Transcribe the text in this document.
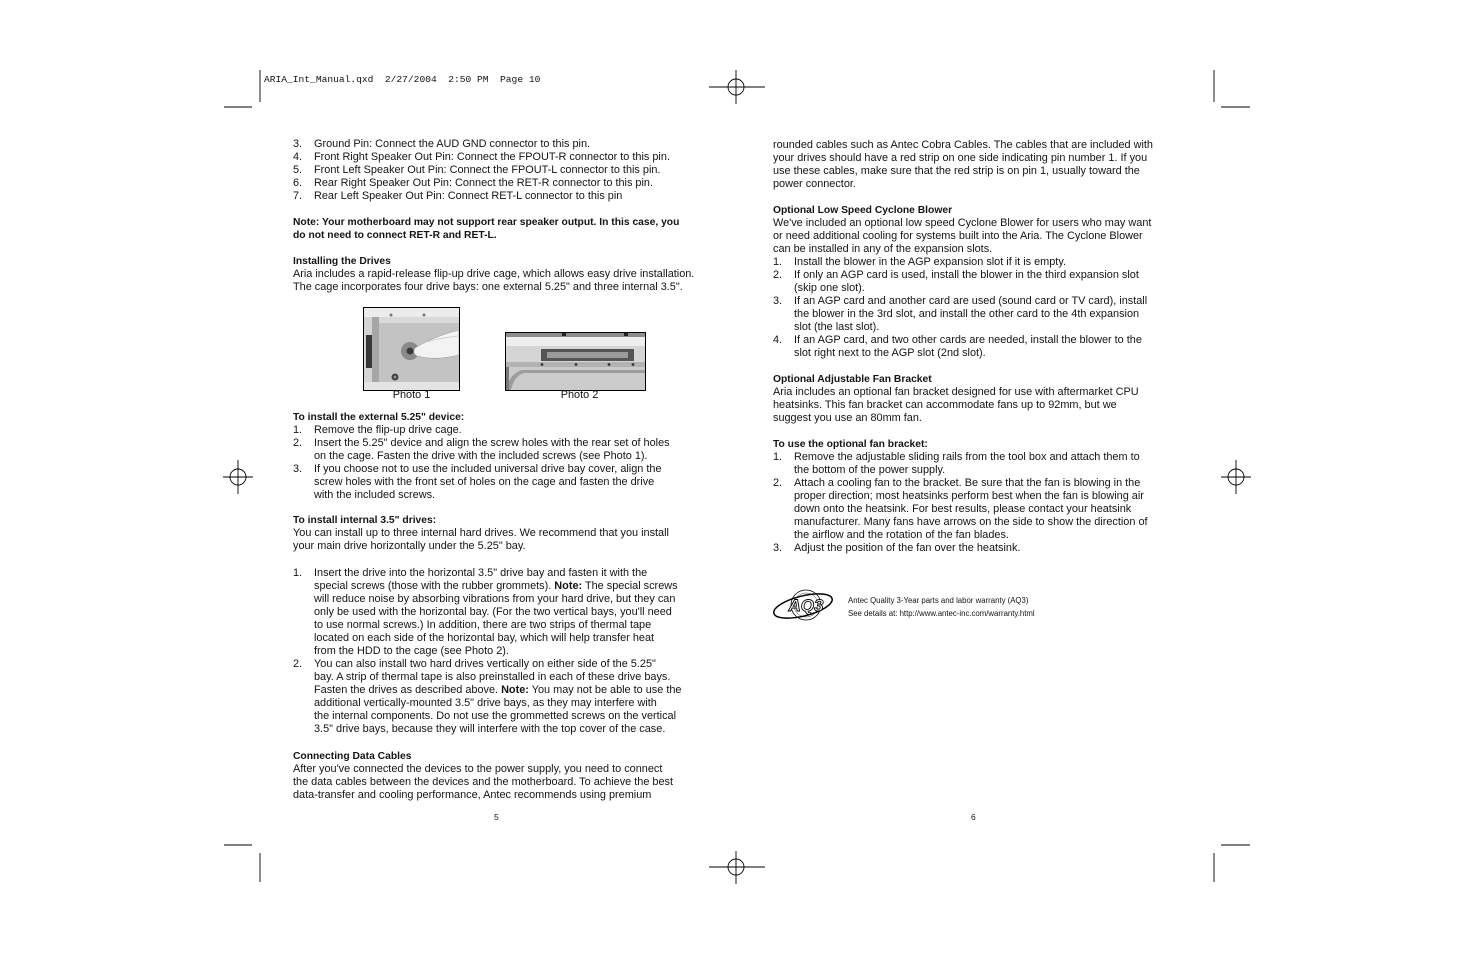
ARIA_Int_Manual.qxd  2/27/2004  2:50 PM  Page 10
3. Ground Pin: Connect the AUD GND connector to this pin.
4. Front Right Speaker Out Pin: Connect the FPOUT-R connector to this pin.
5. Front Left Speaker Out Pin: Connect the FPOUT-L connector to this pin.
6. Rear Right Speaker Out Pin: Connect the RET-R connector to this pin.
7. Rear Left Speaker Out Pin: Connect RET-L connector to this pin
Note: Your motherboard may not support rear speaker output. In this case, you
do not need to connect RET-R and RET-L.
Installing the Drives
Aria includes a rapid-release flip-up drive cage, which allows easy drive installation.
The cage incorporates four drive bays: one external 5.25" and three internal 3.5".
Photo 1	Photo 2
To install the external 5.25" device:
1. Remove the flip-up drive cage.
2. Insert the 5.25" device and align the screw holes with the rear set of holes
on the cage. Fasten the drive with the included screws (see Photo 1).
3. If you choose not to use the included universal drive bay cover, align the
screw holes with the front set of holes on the cage and fasten the drive
with the included screws.
To install internal 3.5" drives:
You can install up to three internal hard drives. We recommend that you install
your main drive horizontally under the 5.25" bay.
1. Insert the drive into the horizontal 3.5" drive bay and fasten it with the
special screws (those with the rubber grommets). Note: The special screws
will reduce noise by absorbing vibrations from your hard drive, but they can
only be used with the horizontal bay. (For the two vertical bays, you'll need
to use normal screws.) In addition, there are two strips of thermal tape
located on each side of the horizontal bay, which will help transfer heat
from the HDD to the cage (see Photo 2).
2. You can also install two hard drives vertically on either side of the 5.25"
bay. A strip of thermal tape is also preinstalled in each of these drive bays.
Fasten the drives as described above. Note: You may not be able to use the
additional vertically-mounted 3.5" drive bays, as they may interfere with
the internal components. Do not use the grommetted screws on the vertical
3.5" drive bays, because they will interfere with the top cover of the case.
Connecting Data Cables
After you've connected the devices to the power supply, you need to connect
the data cables between the devices and the motherboard. To achieve the best
data-transfer and cooling performance, Antec recommends using premium
5
rounded cables such as Antec Cobra Cables. The cables that are included with
your drives should have a red strip on one side indicating pin number 1. If you
use these cables, make sure that the red strip is on pin 1, usually toward the
power connector.
Optional Low Speed Cyclone Blower
We've included an optional low speed Cyclone Blower for users who may want
or need additional cooling for systems built into the Aria. The Cyclone Blower
can be installed in any of the expansion slots.
1. Install the blower in the AGP expansion slot if it is empty.
2. If only an AGP card is used, install the blower in the third expansion slot
(skip one slot).
3. If an AGP card and another card are used (sound card or TV card), install
the blower in the 3rd slot, and install the other card to the 4th expansion
slot (the last slot).
4. If an AGP card, and two other cards are needed, install the blower to the
slot right next to the AGP slot (2nd slot).
Optional Adjustable Fan Bracket
Aria includes an optional fan bracket designed for use with aftermarket CPU
heatsinks. This fan bracket can accommodate fans up to 92mm, but we
suggest you use an 80mm fan.
To use the optional fan bracket:
1. Remove the adjustable sliding rails from the tool box and attach them to
the bottom of the power supply.
2. Attach a cooling fan to the bracket. Be sure that the fan is blowing in the
proper direction; most heatsinks perform best when the fan is blowing air
down onto the heatsink. For best results, please contact your heatsink
manufacturer. Many fans have arrows on the side to show the direction of
the airflow and the rotation of the fan blades.
3. Adjust the position of the fan over the heatsink.
AQ3	Antec Quality 3-Year parts and labor warranty (AQ3)
See details at: http://www.antec-inc.com/warranty.html
6
